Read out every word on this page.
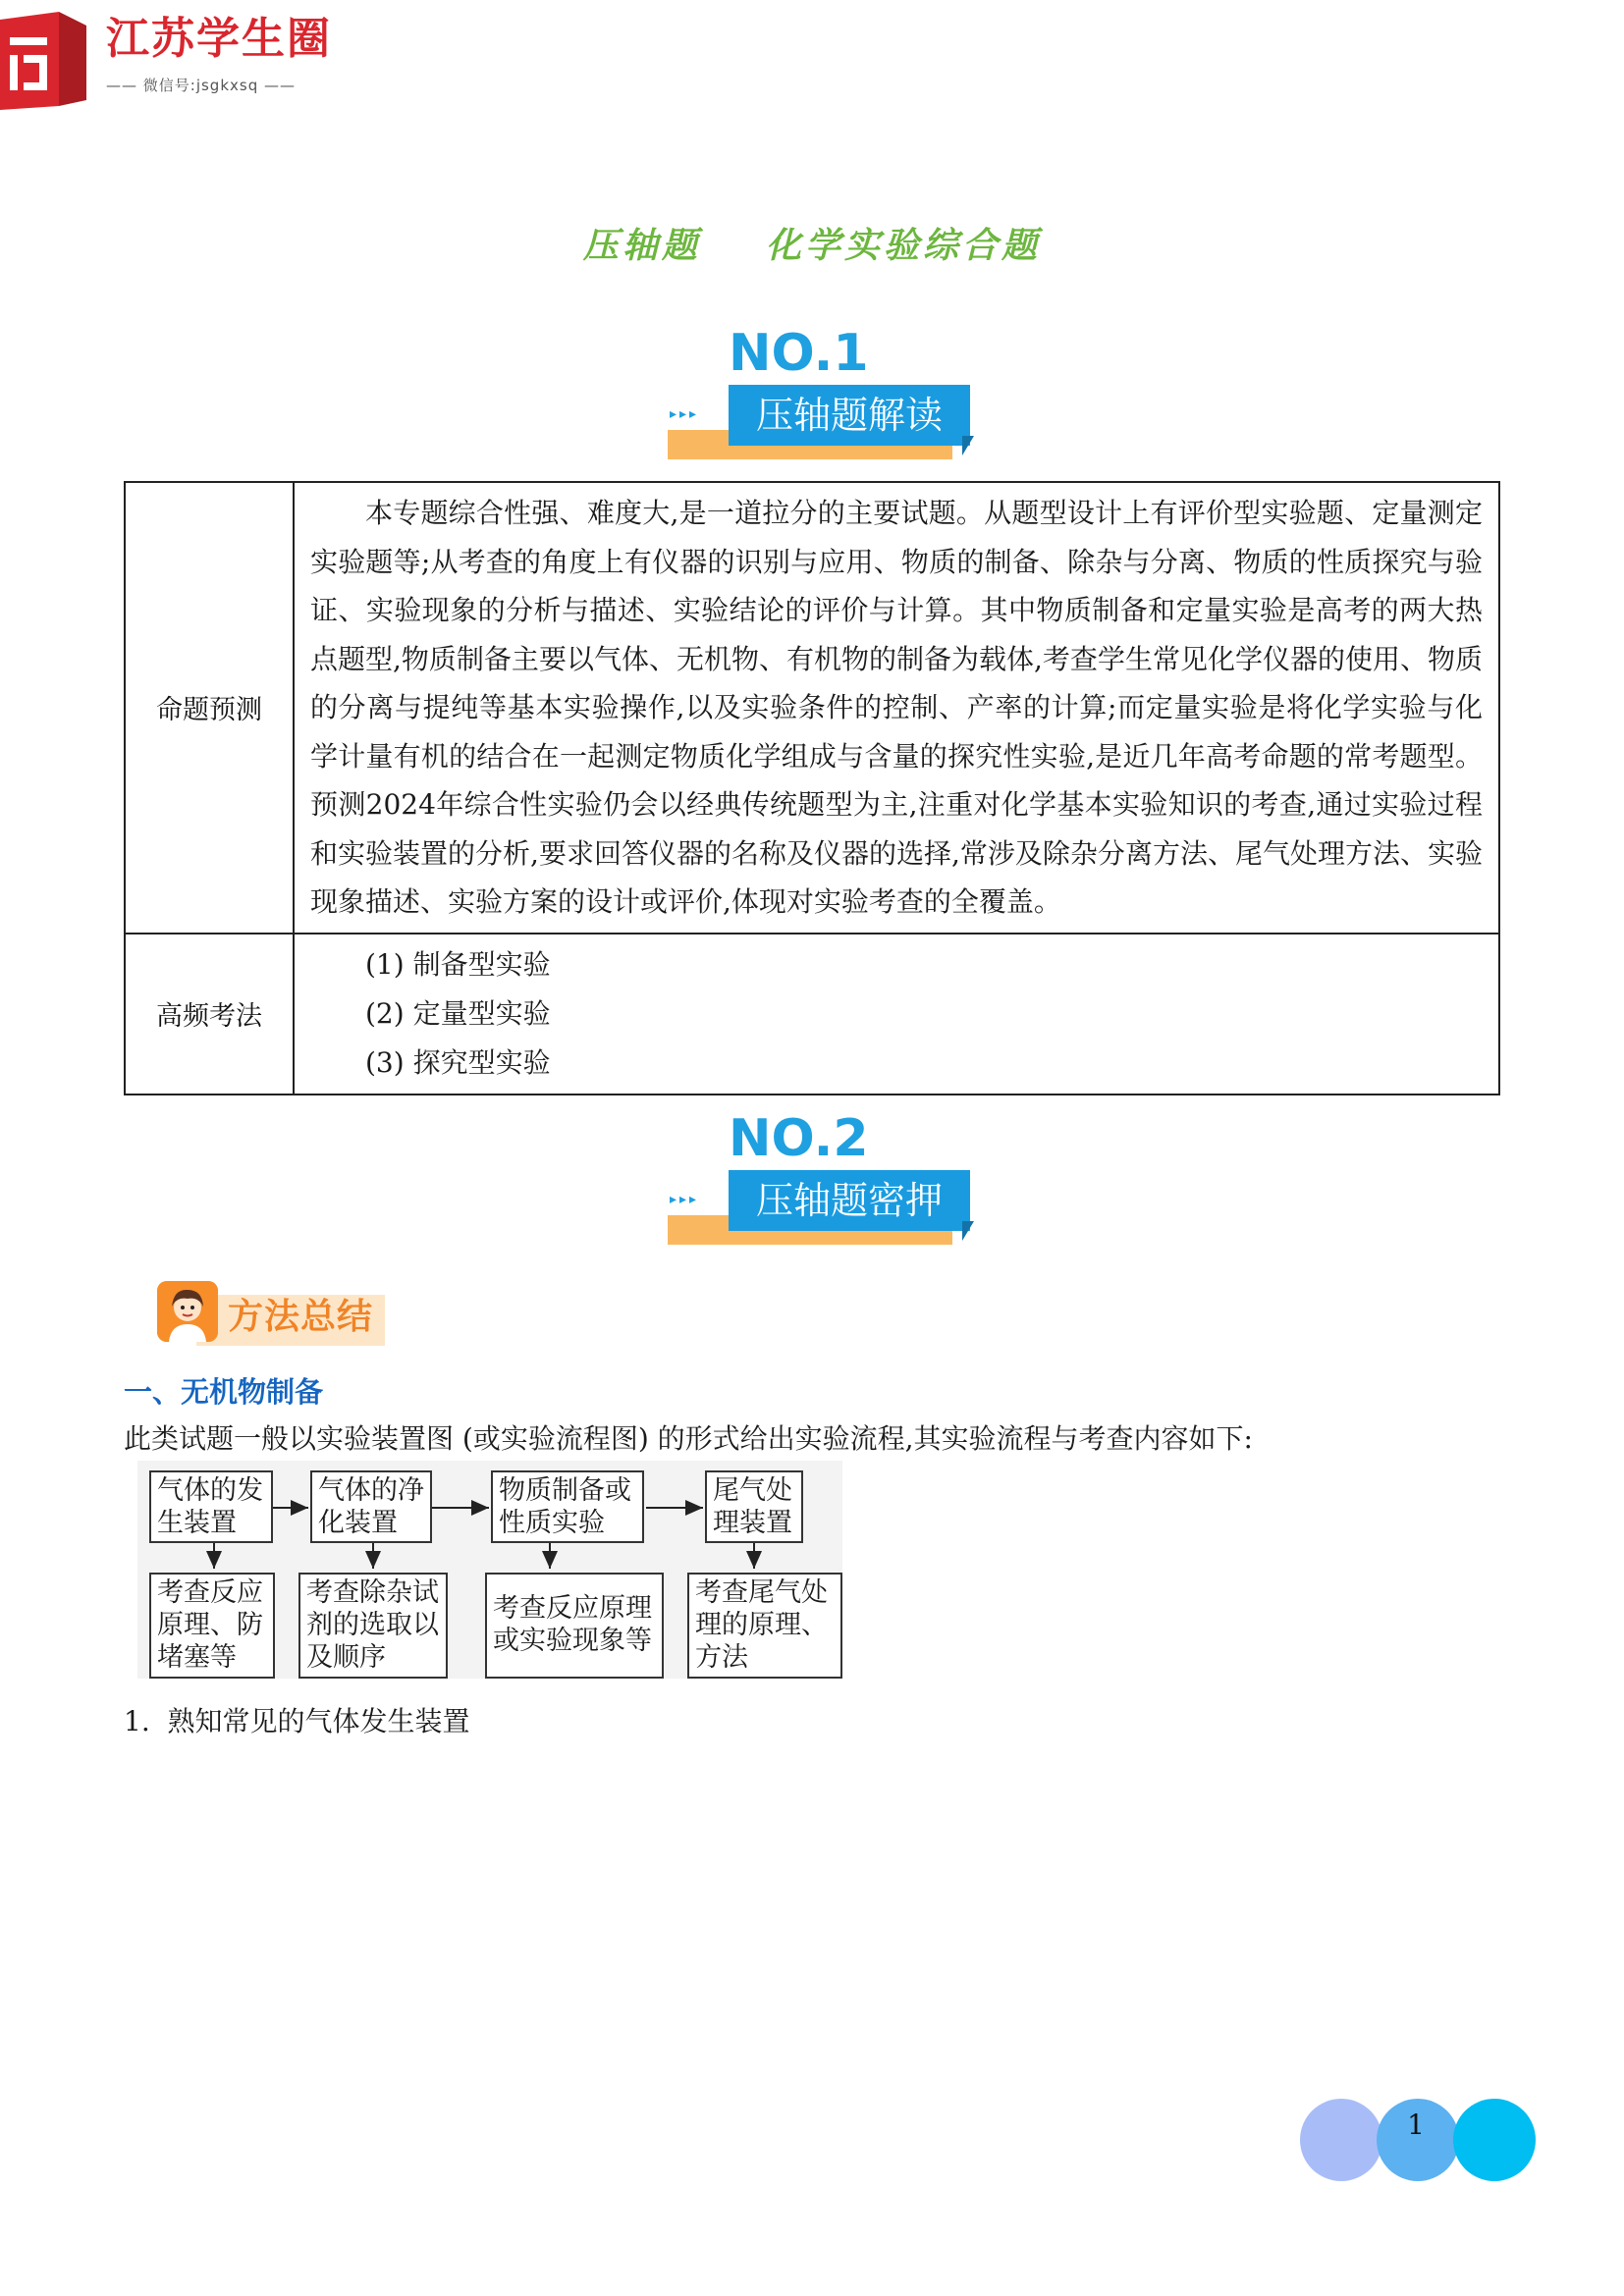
江苏学生圈
—— 微信号:jsgkxsq ——
压轴题    化学实验综合题
NO.1
压轴题解读
▸▸▸
命题预测	本专题综合性强、难度大,是一道拉分的主要试题。从题型设计上有评价型实验题、定量测定实验题等;从考查的角度上有仪器的识别与应用、物质的制备、除杂与分离、物质的性质探究与验证、实验现象的分析与描述、实验结论的评价与计算。其中物质制备和定量实验是高考的两大热点题型,物质制备主要以气体、无机物、有机物的制备为载体,考查学生常见化学仪器的使用、物质的分离与提纯等基本实验操作,以及实验条件的控制、产率的计算;而定量实验是将化学实验与化学计量有机的结合在一起测定物质化学组成与含量的探究性实验,是近几年高考命题的常考题型。预测2024年综合性实验仍会以经典传统题型为主,注重对化学基本实验知识的考查,通过实验过程和实验装置的分析,要求回答仪器的名称及仪器的选择,常涉及除杂分离方法、尾气处理方法、实验现象描述、实验方案的设计或评价,体现对实验考查的全覆盖。

高频考法	(1) 制备型实验
(2) 定量型实验
(3) 探究型实验
NO.2
压轴题密押
▸▸▸
方法总结
一、无机物制备
此类试题一般以实验装置图 (或实验流程图) 的形式给出实验流程,其实验流程与考查内容如下:
气体的发
生装置
气体的净
化装置
物质制备或
性质实验
尾气处
理装置
考查反应
原理、防
堵塞等
考查除杂试
剂的选取以
及顺序
考查反应原理
或实验现象等
考查尾气处
理的原理、
方法
1.  熟知常见的气体发生装置
1
